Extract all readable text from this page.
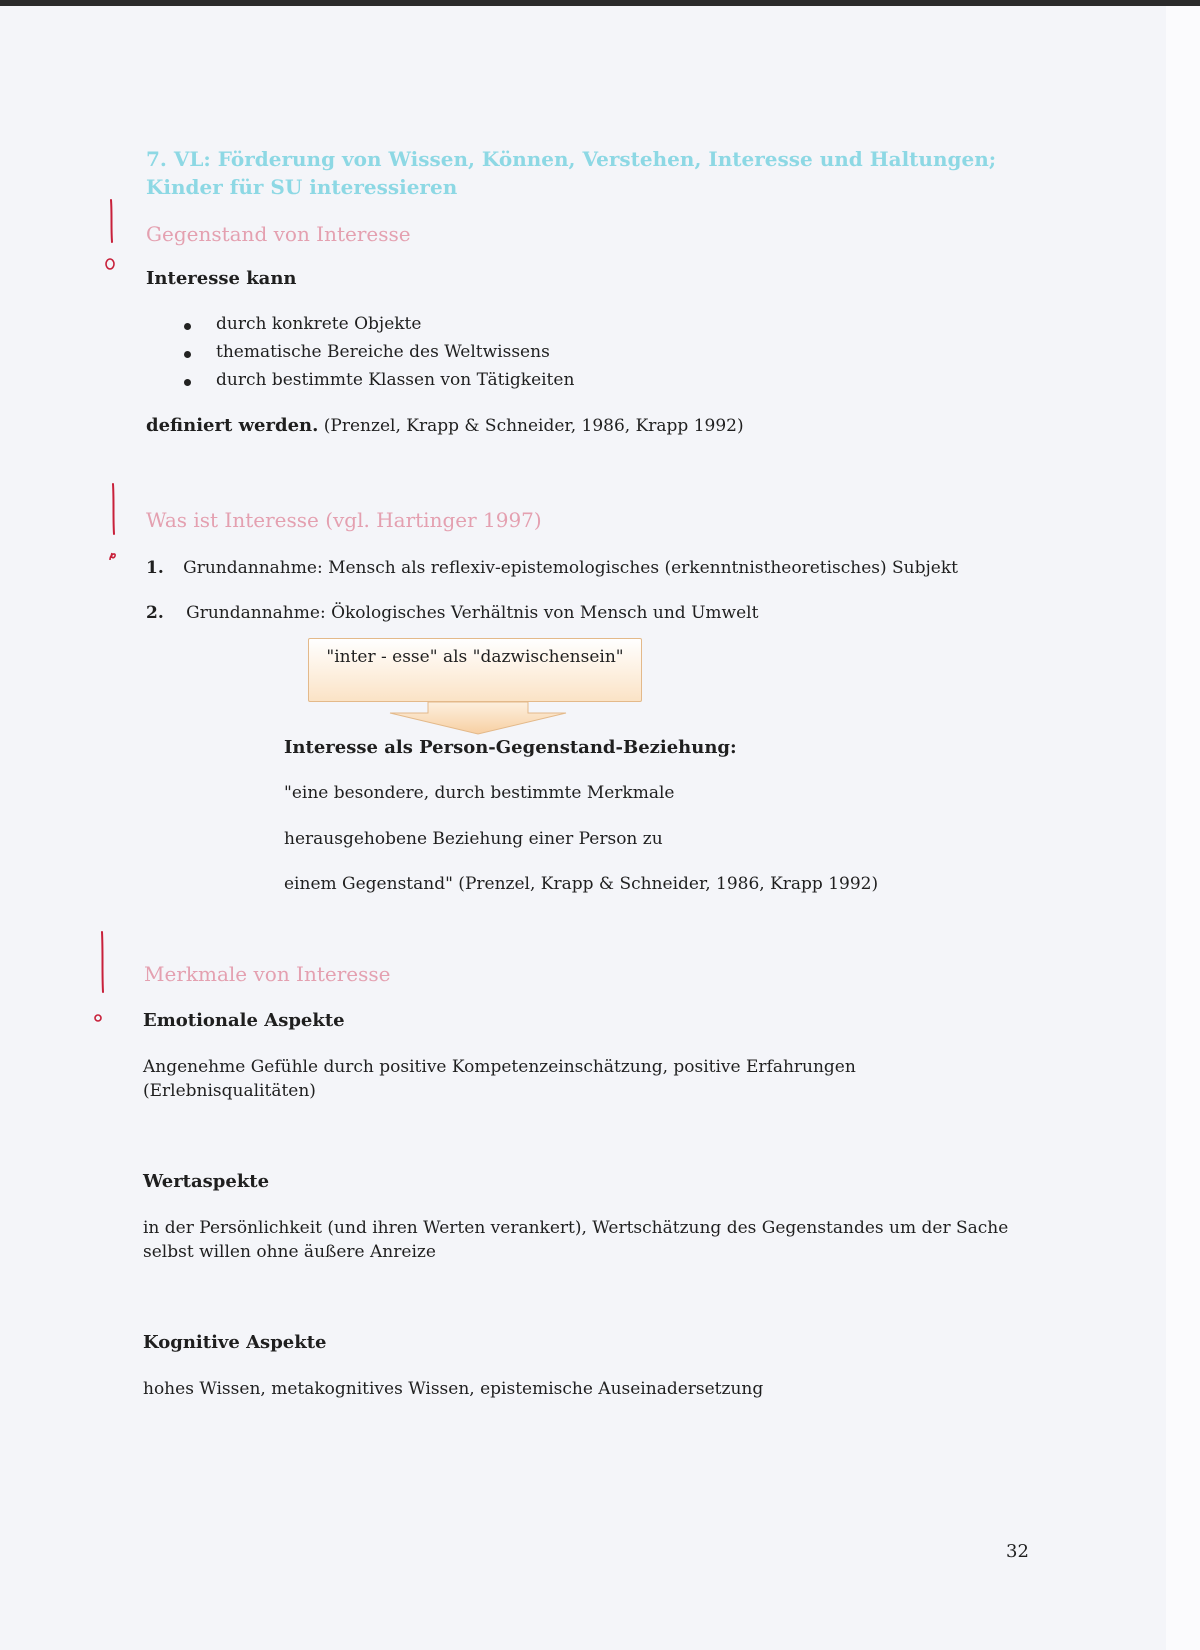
7. VL: Förderung von Wissen, Können, Verstehen, Interesse und Haltungen;
Kinder für SU interessieren
Gegenstand von Interesse
Interesse kann
durch konkrete Objekte
thematische Bereiche des Weltwissens
durch bestimmte Klassen von Tätigkeiten
definiert werden. (Prenzel, Krapp & Schneider, 1986, Krapp 1992)
Was ist Interesse (vgl. Hartinger 1997)
1. Grundannahme: Mensch als reflexiv-epistemologisches (erkenntnistheoretisches) Subjekt
2. Grundannahme: Ökologisches Verhältnis von Mensch und Umwelt
"inter - esse" als "dazwischensein"
Interesse als Person-Gegenstand-Beziehung:
"eine besondere, durch bestimmte Merkmale
herausgehobene Beziehung einer Person zu
einem Gegenstand" (Prenzel, Krapp & Schneider, 1986, Krapp 1992)
Merkmale von Interesse
Emotionale Aspekte
Angenehme Gefühle durch positive Kompetenzeinschätzung, positive Erfahrungen
(Erlebnisqualitäten)
Wertaspekte
in der Persönlichkeit (und ihren Werten verankert), Wertschätzung des Gegenstandes um der Sache
selbst willen ohne äußere Anreize
Kognitive Aspekte
hohes Wissen, metakognitives Wissen, epistemische Auseinadersetzung
32
